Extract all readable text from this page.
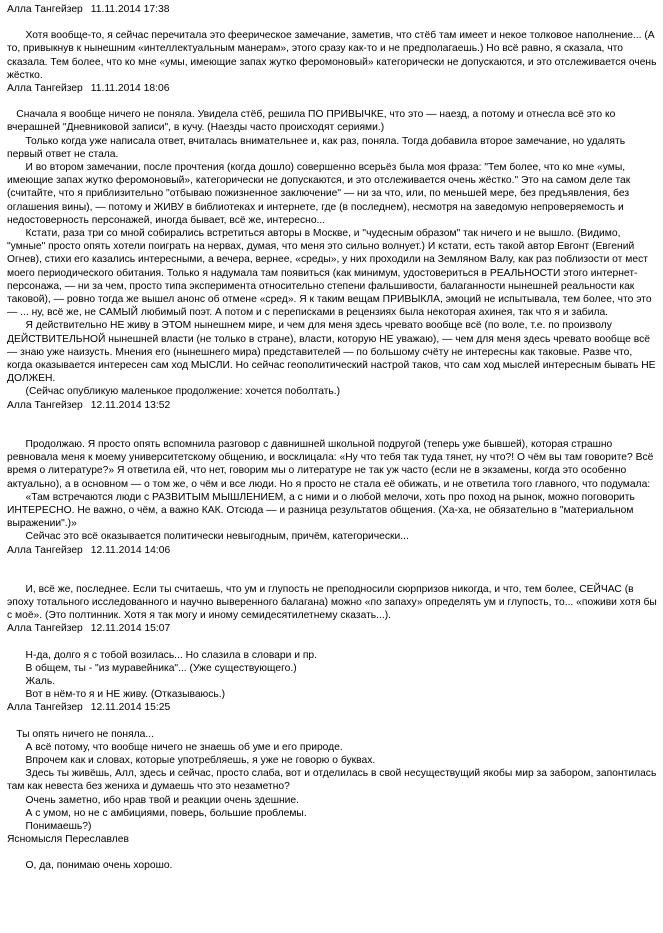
Алла Тангейзер 11.11.2014 17:38

Хотя вообще-то, я сейчас перечитала это феерическое замечание, заметив, что стёб там имеет и некое толковое наполнение... (А то, привыкнув к нынешним «интеллектуальным манерам», этого сразу как-то и не предполагаешь.) Но всё равно, я сказала, что сказала. Тем более, что ко мне «умы, имеющие запах жутко феромоновый» категорически не допускаются, и это отслеживается очень жёстко.

Алла Тангейзер 11.11.2014 18:06

Сначала я вообще ничего не поняла. Увидела стёб, решила ПО ПРИВЫЧКЕ, что это — наезд, а потому и отнесла всё это ко вчерашней "Дневниковой записи", в кучу. (Наезды часто происходят сериями.)

Только когда уже написала ответ, вчиталась внимательнее и, как раз, поняла. Тогда добавила второе замечание, но удалять первый ответ не стала.

И во втором замечании, после прочтения (когда дошло) совершенно всерьёз была моя фраза: "Тем более, что ко мне «умы, имеющие запах жутко феромоновый», категорически не допускаются, и это отслеживается очень жёстко." Это на самом деле так (считайте, что я приблизительно "отбываю пожизненное заключение" — ни за что, или, по меньшей мере, без предъявления, без оглашения вины), — потому и ЖИВУ в библиотеках и интернете, где (в последнем), несмотря на заведомую непроверяемость и недостоверность персонажей, иногда бывает, всё же, интересно...

Кстати, раза три со мной собирались встретиться авторы в Москве, и "чудесным образом" так ничего и не вышло. (Видимо, "умные" просто опять хотели поиграть на нервах, думая, что меня это сильно волнует.) И кстати, есть такой автор Евгонт (Евгений Огнев), стихи его казались интересными, а вечера, вернее, «среды», у них проходили на Земляном Валу, как раз поблизости от мест моего периодического обитания. Только я надумала там появиться (как минимум, удостовериться в РЕАЛЬНОСТИ этого интернет-персонажа, — ни за чем, просто типа эксперимента относительно степени фальшивости, балаганности нынешней реальности как таковой), — ровно тогда же вышел анонс об отмене «сред». Я к таким вещам ПРИВЫКЛА, эмоций не испытывала, тем более, что это — ... ну, всё же, не САМЫЙ любимый поэт. А потом и с переписками в рецензиях была некоторая ахинея, так что я и забила.

Я действительно НЕ живу в ЭТОМ нынешнем мире, и чем для меня здесь чревато вообще всё (по воле, т.е. по произволу ДЕЙСТВИТЕЛЬНОЙ нынешней власти (не только в стране), власти, которую НЕ уважаю), — чем для меня здесь чревато вообще всё — знаю уже наизусть. Мнения его (нынешнего мира) представителей — по большому счёту не интересны как таковые. Разве что, когда оказывается интересен сам ход МЫСЛИ. Но сейчас геополитический настрой таков, что сам ход мыслей интересным бывать НЕ ДОЛЖЕН.

(Сейчас опубликую маленькое продолжение: хочется поболтать.)

Алла Тангейзер 12.11.2014 13:52

Продолжаю. Я просто опять вспомнила разговор с давнишней школьной подругой (теперь уже бывшей), которая страшно ревновала меня к моему университетскому общению, и восклицала: «Ну что тебя так туда тянет, ну что?! О чём вы там говорите? Всё время о литературе?» Я ответила ей, что нет, говорим мы о литературе не так уж часто (если не в экзамены, когда это особенно актуально), а в основном — о том же, о чём и все люди. Но я просто не стала её обижать, и не ответила того главного, что подумала:

«Там встречаются люди с РАЗВИТЫМ МЫШЛЕНИЕМ, а с ними и о любой мелочи, хоть про поход на рынок, можно поговорить ИНТЕРЕСНО. Не важно, о чём, а важно КАК. Отсюда — и разница результатов общения. (Ха-ха, не обязательно в "материальном выражении".)»

Сейчас это всё оказывается политически невыгодным, причём, категорически...

Алла Тангейзер 12.11.2014 14:06

И, всё же, последнее. Если ты считаешь, что ум и глупость не преподносили сюрпризов никогда, и что, тем более, СЕЙЧАС (в эпоху тотального исследованного и научно выверенного балагана) можно «по запаху» определять ум и глупость, то... «поживи хотя бы с моё». (Это полтинник. Хотя я так могу и иному семидесятилетнему сказать...).

Алла Тангейзер 12.11.2014 15:07

Н-да, долго я с тобой возилась... Но слазила в словари и пр.

В общем, ты - "из муравейника"... (Уже существующего.)

Жаль.

Вот в нём-то я и НЕ живу. (Отказываюсь.)

Алла Тангейзер 12.11.2014 15:25

Ты опять ничего не поняла...

А всё потому, что вообще ничего не знаешь об уме и его природе.

Впрочем как и словах, которые употребляешь, я уже не говорю о буквах.

Здесь ты живёшь, Алл, здесь и сейчас, просто слаба, вот и отделилась в свой несуществущий якобы мир за забором, запонтилась там как невеста без жениха и думаешь что это незаметно?

Очень заметно, ибо нрав твой и реакции очень здешние.

А с умом, но не с амбициями, поверь, большие проблемы.

Понимаешь?)

Ясномысля Переславлев

О, да, понимаю очень хорошо.
